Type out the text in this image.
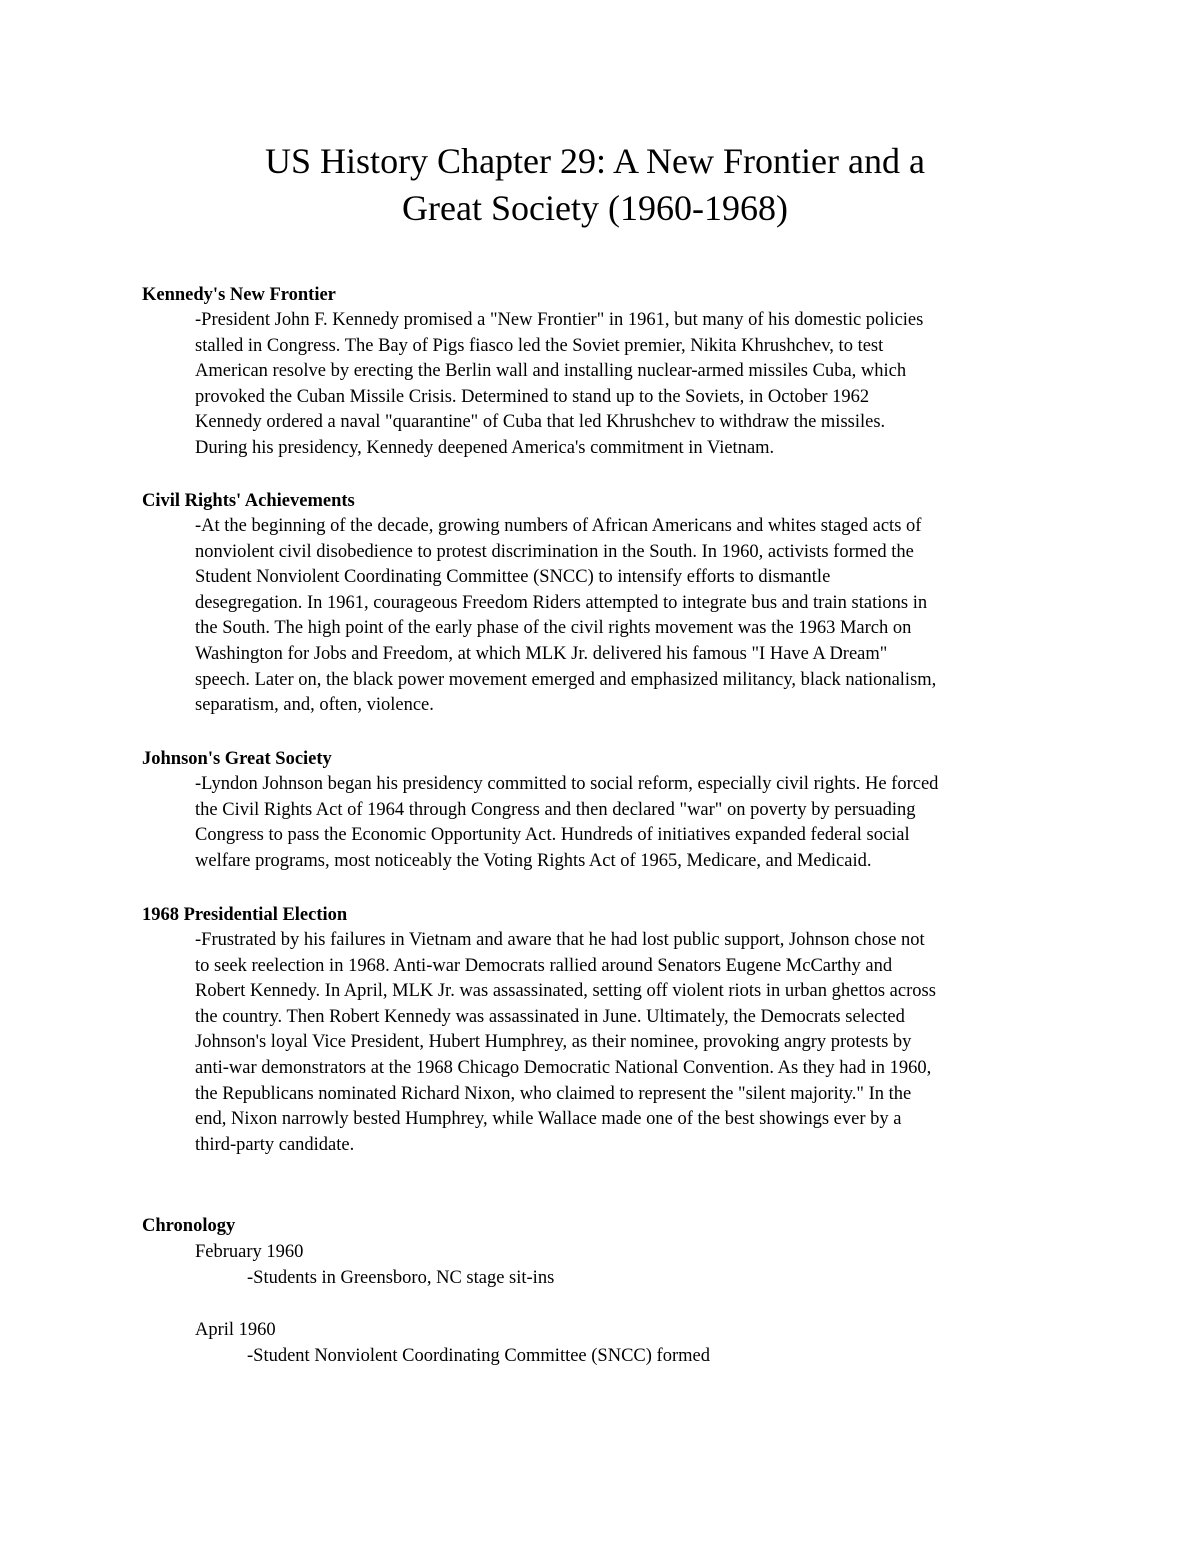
US History Chapter 29: A New Frontier and a
Great Society (1960-1968)

Kennedy's New Frontier

-President John F. Kennedy promised a "New Frontier" in 1961, but many of his domestic policies
stalled in Congress. The Bay of Pigs fiasco led the Soviet premier, Nikita Khrushchev, to test
American resolve by erecting the Berlin wall and installing nuclear-armed missiles Cuba, which
provoked the Cuban Missile Crisis. Determined to stand up to the Soviets, in October 1962
Kennedy ordered a naval "quarantine" of Cuba that led Khrushchev to withdraw the missiles.
During his presidency, Kennedy deepened America's commitment in Vietnam.

Civil Rights' Achievements

-At the beginning of the decade, growing numbers of African Americans and whites staged acts of
nonviolent civil disobedience to protest discrimination in the South. In 1960, activists formed the
Student Nonviolent Coordinating Committee (SNCC) to intensify efforts to dismantle
desegregation. In 1961, courageous Freedom Riders attempted to integrate bus and train stations in
the South. The high point of the early phase of the civil rights movement was the 1963 March on
Washington for Jobs and Freedom, at which MLK Jr. delivered his famous "I Have A Dream"
speech. Later on, the black power movement emerged and emphasized militancy, black nationalism,
separatism, and, often, violence.

Johnson's Great Society

-Lyndon Johnson began his presidency committed to social reform, especially civil rights. He forced
the Civil Rights Act of 1964 through Congress and then declared "war" on poverty by persuading
Congress to pass the Economic Opportunity Act. Hundreds of initiatives expanded federal social
welfare programs, most noticeably the Voting Rights Act of 1965, Medicare, and Medicaid.

1968 Presidential Election

-Frustrated by his failures in Vietnam and aware that he had lost public support, Johnson chose not
to seek reelection in 1968. Anti-war Democrats rallied around Senators Eugene McCarthy and
Robert Kennedy. In April, MLK Jr. was assassinated, setting off violent riots in urban ghettos across
the country. Then Robert Kennedy was assassinated in June. Ultimately, the Democrats selected
Johnson's loyal Vice President, Hubert Humphrey, as their nominee, provoking angry protests by
anti-war demonstrators at the 1968 Chicago Democratic National Convention. As they had in 1960,
the Republicans nominated Richard Nixon, who claimed to represent the "silent majority." In the
end, Nixon narrowly bested Humphrey, while Wallace made one of the best showings ever by a
third-party candidate.

Chronology

February 1960

-Students in Greensboro, NC stage sit-ins

April 1960

-Student Nonviolent Coordinating Committee (SNCC) formed
